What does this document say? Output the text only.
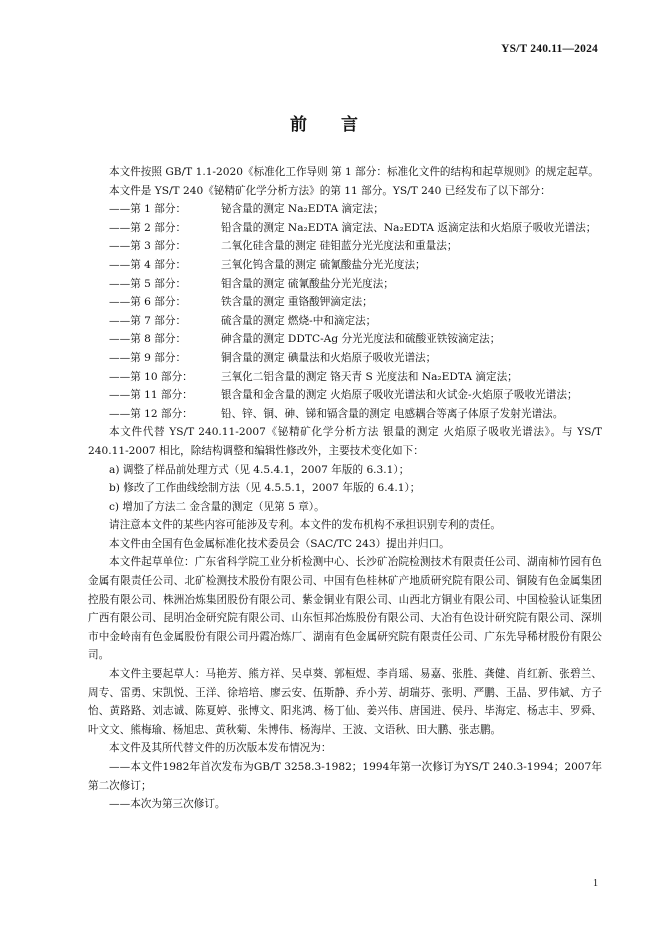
YS/T 240.11—2024
前 言

本文件按照 GB/T 1.1-2020《标准化工作导则 第 1 部分：标准化文件的结构和起草规则》的规定起草。

本文件是 YS/T 240《铋精矿化学分析方法》的第 11 部分。YS/T 240 已经发布了以下部分：

——第 1 部分：	铋含量的测定 Na₂EDTA 滴定法；

——第 2 部分：	铅含量的测定 Na₂EDTA 滴定法、Na₂EDTA 返滴定法和火焰原子吸收光谱法；

——第 3 部分：	二氧化硅含量的测定 硅钼蓝分光光度法和重量法；

——第 4 部分：	三氧化钨含量的测定 硫氰酸盐分光光度法；

——第 5 部分：	钼含量的测定 硫氰酸盐分光光度法；

——第 6 部分：	铁含量的测定 重铬酸钾滴定法；

——第 7 部分：	硫含量的测定 燃烧-中和滴定法；

——第 8 部分：	砷含量的测定 DDTC-Ag 分光光度法和硫酸亚铁铵滴定法；

——第 9 部分：	铜含量的测定 碘量法和火焰原子吸收光谱法；

——第 10 部分：	三氧化二铝含量的测定 铬天青 S 光度法和 Na₂EDTA 滴定法；

——第 11 部分：	银含量和金含量的测定 火焰原子吸收光谱法和火试金-火焰原子吸收光谱法；

——第 12 部分：	铅、锌、铜、砷、锑和镉含量的测定 电感耦合等离子体原子发射光谱法。

本文件代替 YS/T 240.11-2007《铋精矿化学分析方法 银量的测定 火焰原子吸收光谱法》。与 YS/T 240.11-2007 相比，除结构调整和编辑性修改外，主要技术变化如下：

a) 调整了样品前处理方式（见 4.5.4.1，2007 年版的 6.3.1）；

b) 修改了工作曲线绘制方法（见 4.5.5.1，2007 年版的 6.4.1）；

c) 增加了方法二 金含量的测定（见第 5 章）。

请注意本文件的某些内容可能涉及专利。本文件的发布机构不承担识别专利的责任。

本文件由全国有色金属标准化技术委员会（SAC/TC 243）提出并归口。

本文件起草单位：广东省科学院工业分析检测中心、长沙矿冶院检测技术有限责任公司、湖南柿竹园有色金属有限责任公司、北矿检测技术股份有限公司、中国有色桂林矿产地质研究院有限公司、铜陵有色金属集团控股有限公司、株洲冶炼集团股份有限公司、紫金铜业有限公司、山西北方铜业有限公司、中国检验认证集团广西有限公司、昆明冶金研究院有限公司、山东恒邦冶炼股份有限公司、大冶有色设计研究院有限公司、深圳市中金岭南有色金属股份有限公司丹霞冶炼厂、湖南有色金属研究院有限责任公司、广东先导稀材股份有限公司。

本文件主要起草人：马艳芳、熊方祥、吴卓葵、郭桓煜、李肖瑶、易嘉、张胜、龚健、肖红新、张碧兰、周专、雷勇、宋凯悦、王洋、徐培培、廖云安、伍斯静、乔小芳、胡瑞芬、张明、严鹏、王晶、罗伟斌、方子怡、黄路路、刘志诚、陈夏婷、张博文、阳兆鸿、杨丁仙、姜兴伟、唐国进、侯丹、毕海定、杨志丰、罗舜、叶文文、熊梅瑜、杨旭忠、黄秋菊、朱博伟、杨海岸、王波、文语秋、田大鹏、张志鹏。

本文件及其所代替文件的历次版本发布情况为：

——本文件1982年首次发布为GB/T 3258.3-1982；1994年第一次修订为YS/T 240.3-1994；2007年第二次修订；

——本次为第三次修订。

1
